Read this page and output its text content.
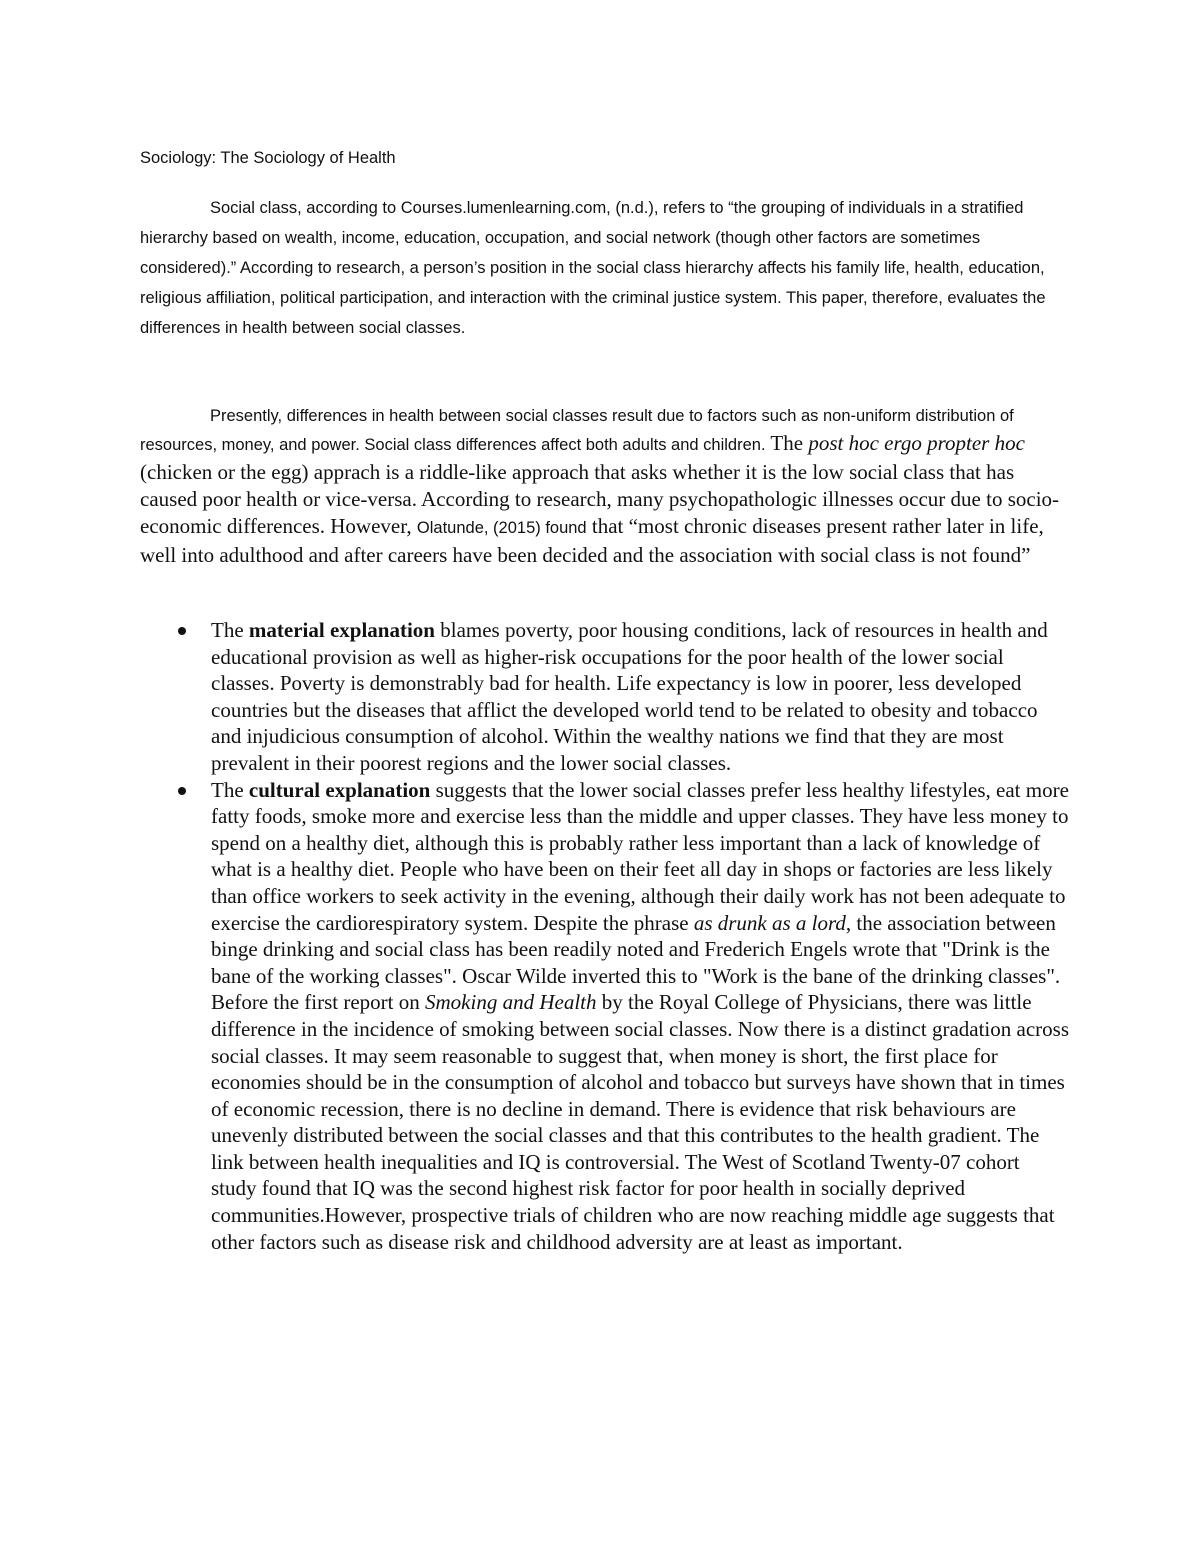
Sociology: The Sociology of Health

Social class, according to Courses.lumenlearning.com, (n.d.), refers to “the grouping of individuals in a stratified hierarchy based on wealth, income, education, occupation, and social network (though other factors are sometimes considered).” According to research, a person’s position in the social class hierarchy affects his family life, health, education, religious affiliation, political participation, and interaction with the criminal justice system. This paper, therefore, evaluates the differences in health between social classes.

Presently, differences in health between social classes result due to factors such as non-uniform distribution of resources, money, and power. Social class differences affect both adults and children. The post hoc ergo propter hoc (chicken or the egg) apprach is a riddle-like approach that asks whether it is the low social class that has caused poor health or vice-versa. According to research, many psychopathologic illnesses occur due to socio-economic differences. However, Olatunde, (2015) found that “most chronic diseases present rather later in life, well into adulthood and after careers have been decided and the association with social class is not found”

The material explanation blames poverty, poor housing conditions, lack of resources in health and educational provision as well as higher-risk occupations for the poor health of the lower social classes. Poverty is demonstrably bad for health. Life expectancy is low in poorer, less developed countries but the diseases that afflict the developed world tend to be related to obesity and tobacco and injudicious consumption of alcohol. Within the wealthy nations we find that they are most prevalent in their poorest regions and the lower social classes.
The cultural explanation suggests that the lower social classes prefer less healthy lifestyles, eat more fatty foods, smoke more and exercise less than the middle and upper classes. They have less money to spend on a healthy diet, although this is probably rather less important than a lack of knowledge of what is a healthy diet. People who have been on their feet all day in shops or factories are less likely than office workers to seek activity in the evening, although their daily work has not been adequate to exercise the cardiorespiratory system. Despite the phrase as drunk as a lord, the association between binge drinking and social class has been readily noted and Frederich Engels wrote that "Drink is the bane of the working classes". Oscar Wilde inverted this to "Work is the bane of the drinking classes". Before the first report on Smoking and Health by the Royal College of Physicians, there was little difference in the incidence of smoking between social classes. Now there is a distinct gradation across social classes. It may seem reasonable to suggest that, when money is short, the first place for economies should be in the consumption of alcohol and tobacco but surveys have shown that in times of economic recession, there is no decline in demand. There is evidence that risk behaviours are unevenly distributed between the social classes and that this contributes to the health gradient. The link between health inequalities and IQ is controversial. The West of Scotland Twenty-07 cohort study found that IQ was the second highest risk factor for poor health in socially deprived communities.However, prospective trials of children who are now reaching middle age suggests that other factors such as disease risk and childhood adversity are at least as important.
